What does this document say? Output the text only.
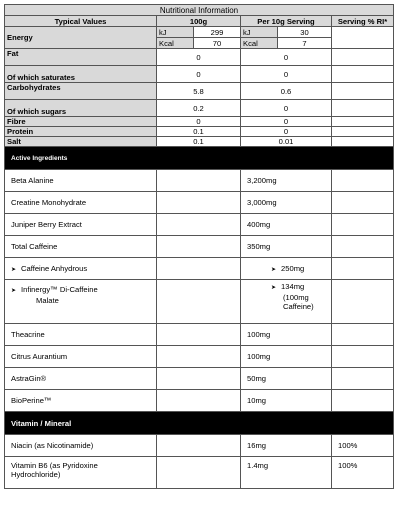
Nutritional Information					
Typical Values	100g		Per 10g Serving		Serving % RI*
Energy	kJ	299	kJ	30	
	Kcal	70	Kcal	7	
Fat	0		0		
Of which saturates	0		0		
Carbohydrates	5.8		0.6		
Of which sugars	0.2		0		
Fibre	0		0		
Protein	0.1		0		
Salt	0.1		0.01		
Active Ingredients					
Beta Alanine			3,200mg		
Creatine Monohydrate			3,000mg		
Juniper Berry Extract			400mg		
Total Caffeine			350mg		
➤ Caffeine Anhydrous			➤ 250mg		
➤ Infinergy™ Di-Caffeine
Malate			➤ 134mg
(100mg
Caffeine)		
Theacrine			100mg		
Citrus Aurantium			100mg		
AstraGin®			50mg		
BioPerine™			10mg		
Vitamin / Mineral					
Niacin (as Nicotinamide)			16mg		100%
Vitamin B6 (as Pyridoxine
Hydrochloride)			1.4mg		100%
